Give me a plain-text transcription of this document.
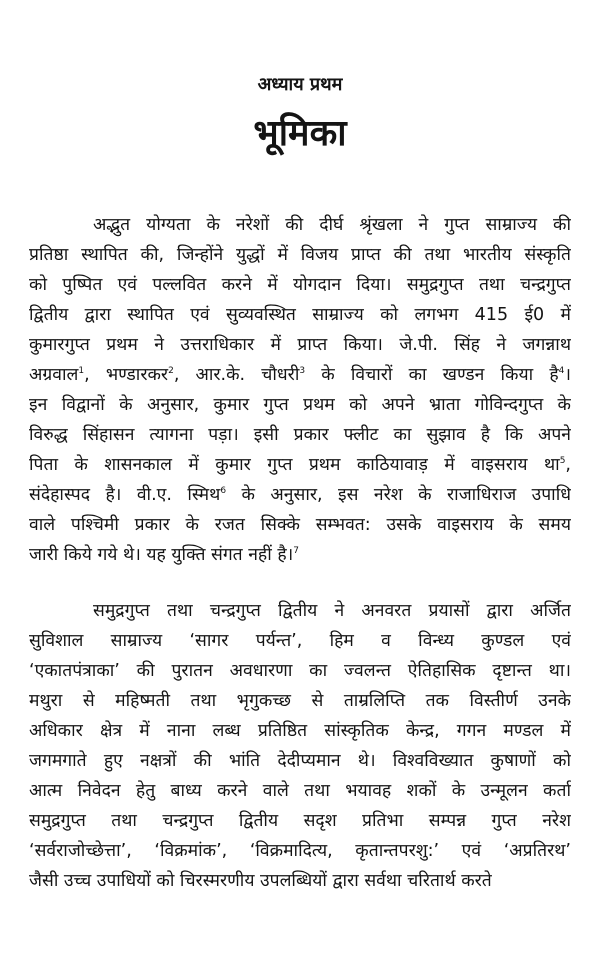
अध्याय प्रथम
भूमिका
अद्भुत योग्यता के नरेशों की दीर्घ श्रृंखला ने गुप्त साम्राज्य की
प्रतिष्ठा स्थापित की, जिन्होंने युद्धों में विजय प्राप्त की तथा भारतीय संस्कृति
को पुष्पित एवं पल्लवित करने में योगदान दिया। समुद्रगुप्त तथा चन्द्रगुप्त
द्वितीय द्वारा स्थापित एवं सुव्यवस्थित साम्राज्य को लगभग 415 ई0 में
कुमारगुप्त प्रथम ने उत्तराधिकार में प्राप्त किया। जे.पी. सिंह ने जगन्नाथ
अग्रवाल$^1$, भण्डारकर$^2$, आर.के. चौधरी$^3$ के विचारों का खण्डन किया है$^4$।
इन विद्वानों के अनुसार, कुमार गुप्त प्रथम को अपने भ्राता गोविन्दगुप्त के
विरुद्ध सिंहासन त्यागना पड़ा। इसी प्रकार फ्लीट का सुझाव है कि अपने
पिता के शासनकाल में कुमार गुप्त प्रथम काठियावाड़ में वाइसराय था$^5$,
संदेहास्पद है। वी.ए. स्मिथ$^6$ के अनुसार, इस नरेश के राजाधिराज उपाधि
वाले पश्चिमी प्रकार के रजत सिक्के सम्भवत: उसके वाइसराय के समय
जारी किये गये थे। यह युक्ति संगत नहीं है।$^7$
समुद्रगुप्त तथा चन्द्रगुप्त द्वितीय ने अनवरत प्रयासों द्वारा अर्जित
सुविशाल साम्राज्य ‘सागर पर्यन्त’, हिम व विन्ध्य कुण्डल एवं
‘एकातपंत्राका’ की पुरातन अवधारणा का ज्वलन्त ऐतिहासिक दृष्टान्त था।
मथुरा से महिष्मती तथा भृगुकच्छ से ताम्रलिप्ति तक विस्तीर्ण उनके
अधिकार क्षेत्र में नाना लब्ध प्रतिष्ठित सांस्कृतिक केन्द्र, गगन मण्डल में
जगमगाते हुए नक्षत्रों की भांति देदीप्यमान थे। विश्वविख्यात कुषाणों को
आत्म निवेदन हेतु बाध्य करने वाले तथा भयावह शकों के उन्मूलन कर्ता
समुद्रगुप्त तथा चन्द्रगुप्त द्वितीय सदृश प्रतिभा सम्पन्न गुप्त नरेश
‘सर्वराजोच्छेत्ता’, ‘विक्रमांक’, ‘विक्रमादित्य, कृतान्तपरशु:’ एवं ‘अप्रतिरथ’
जैसी उच्च उपाधियों को चिरस्मरणीय उपलब्धियों द्वारा सर्वथा चरितार्थ करते
